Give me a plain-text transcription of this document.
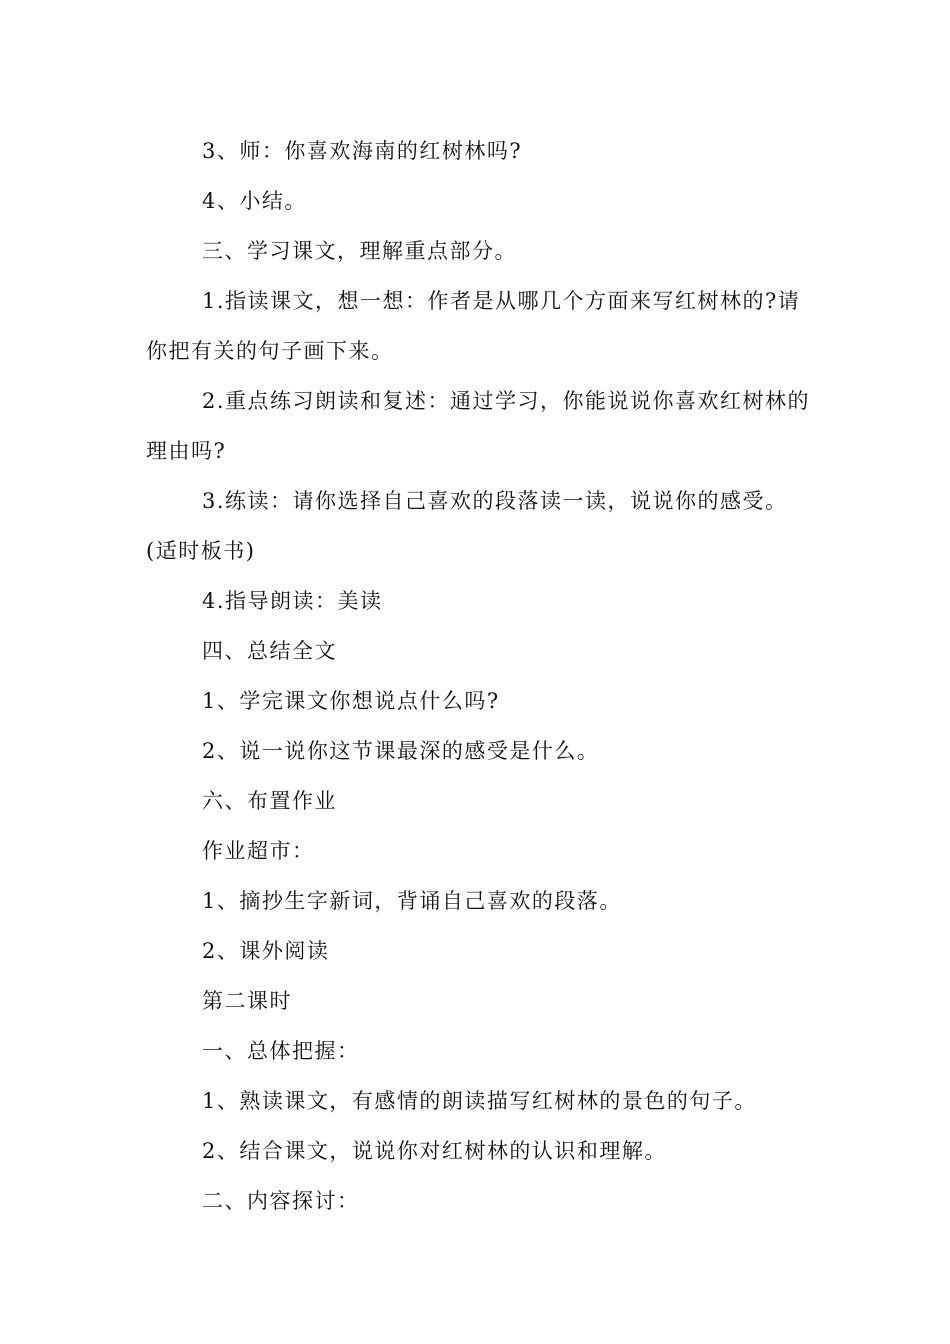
3、师：你喜欢海南的红树林吗?
4、小结。
三、学习课文，理解重点部分。
1.指读课文，想一想：作者是从哪几个方面来写红树林的?请
你把有关的句子画下来。
2.重点练习朗读和复述：通过学习，你能说说你喜欢红树林的
理由吗?
3.练读：请你选择自己喜欢的段落读一读，说说你的感受。
(适时板书)
4.指导朗读：美读
四、总结全文
1、学完课文你想说点什么吗?
2、说一说你这节课最深的感受是什么。
六、布置作业
作业超市：
1、摘抄生字新词，背诵自己喜欢的段落。
2、课外阅读
第二课时
一、总体把握：
1、熟读课文，有感情的朗读描写红树林的景色的句子。
2、结合课文，说说你对红树林的认识和理解。
二、内容探讨：
